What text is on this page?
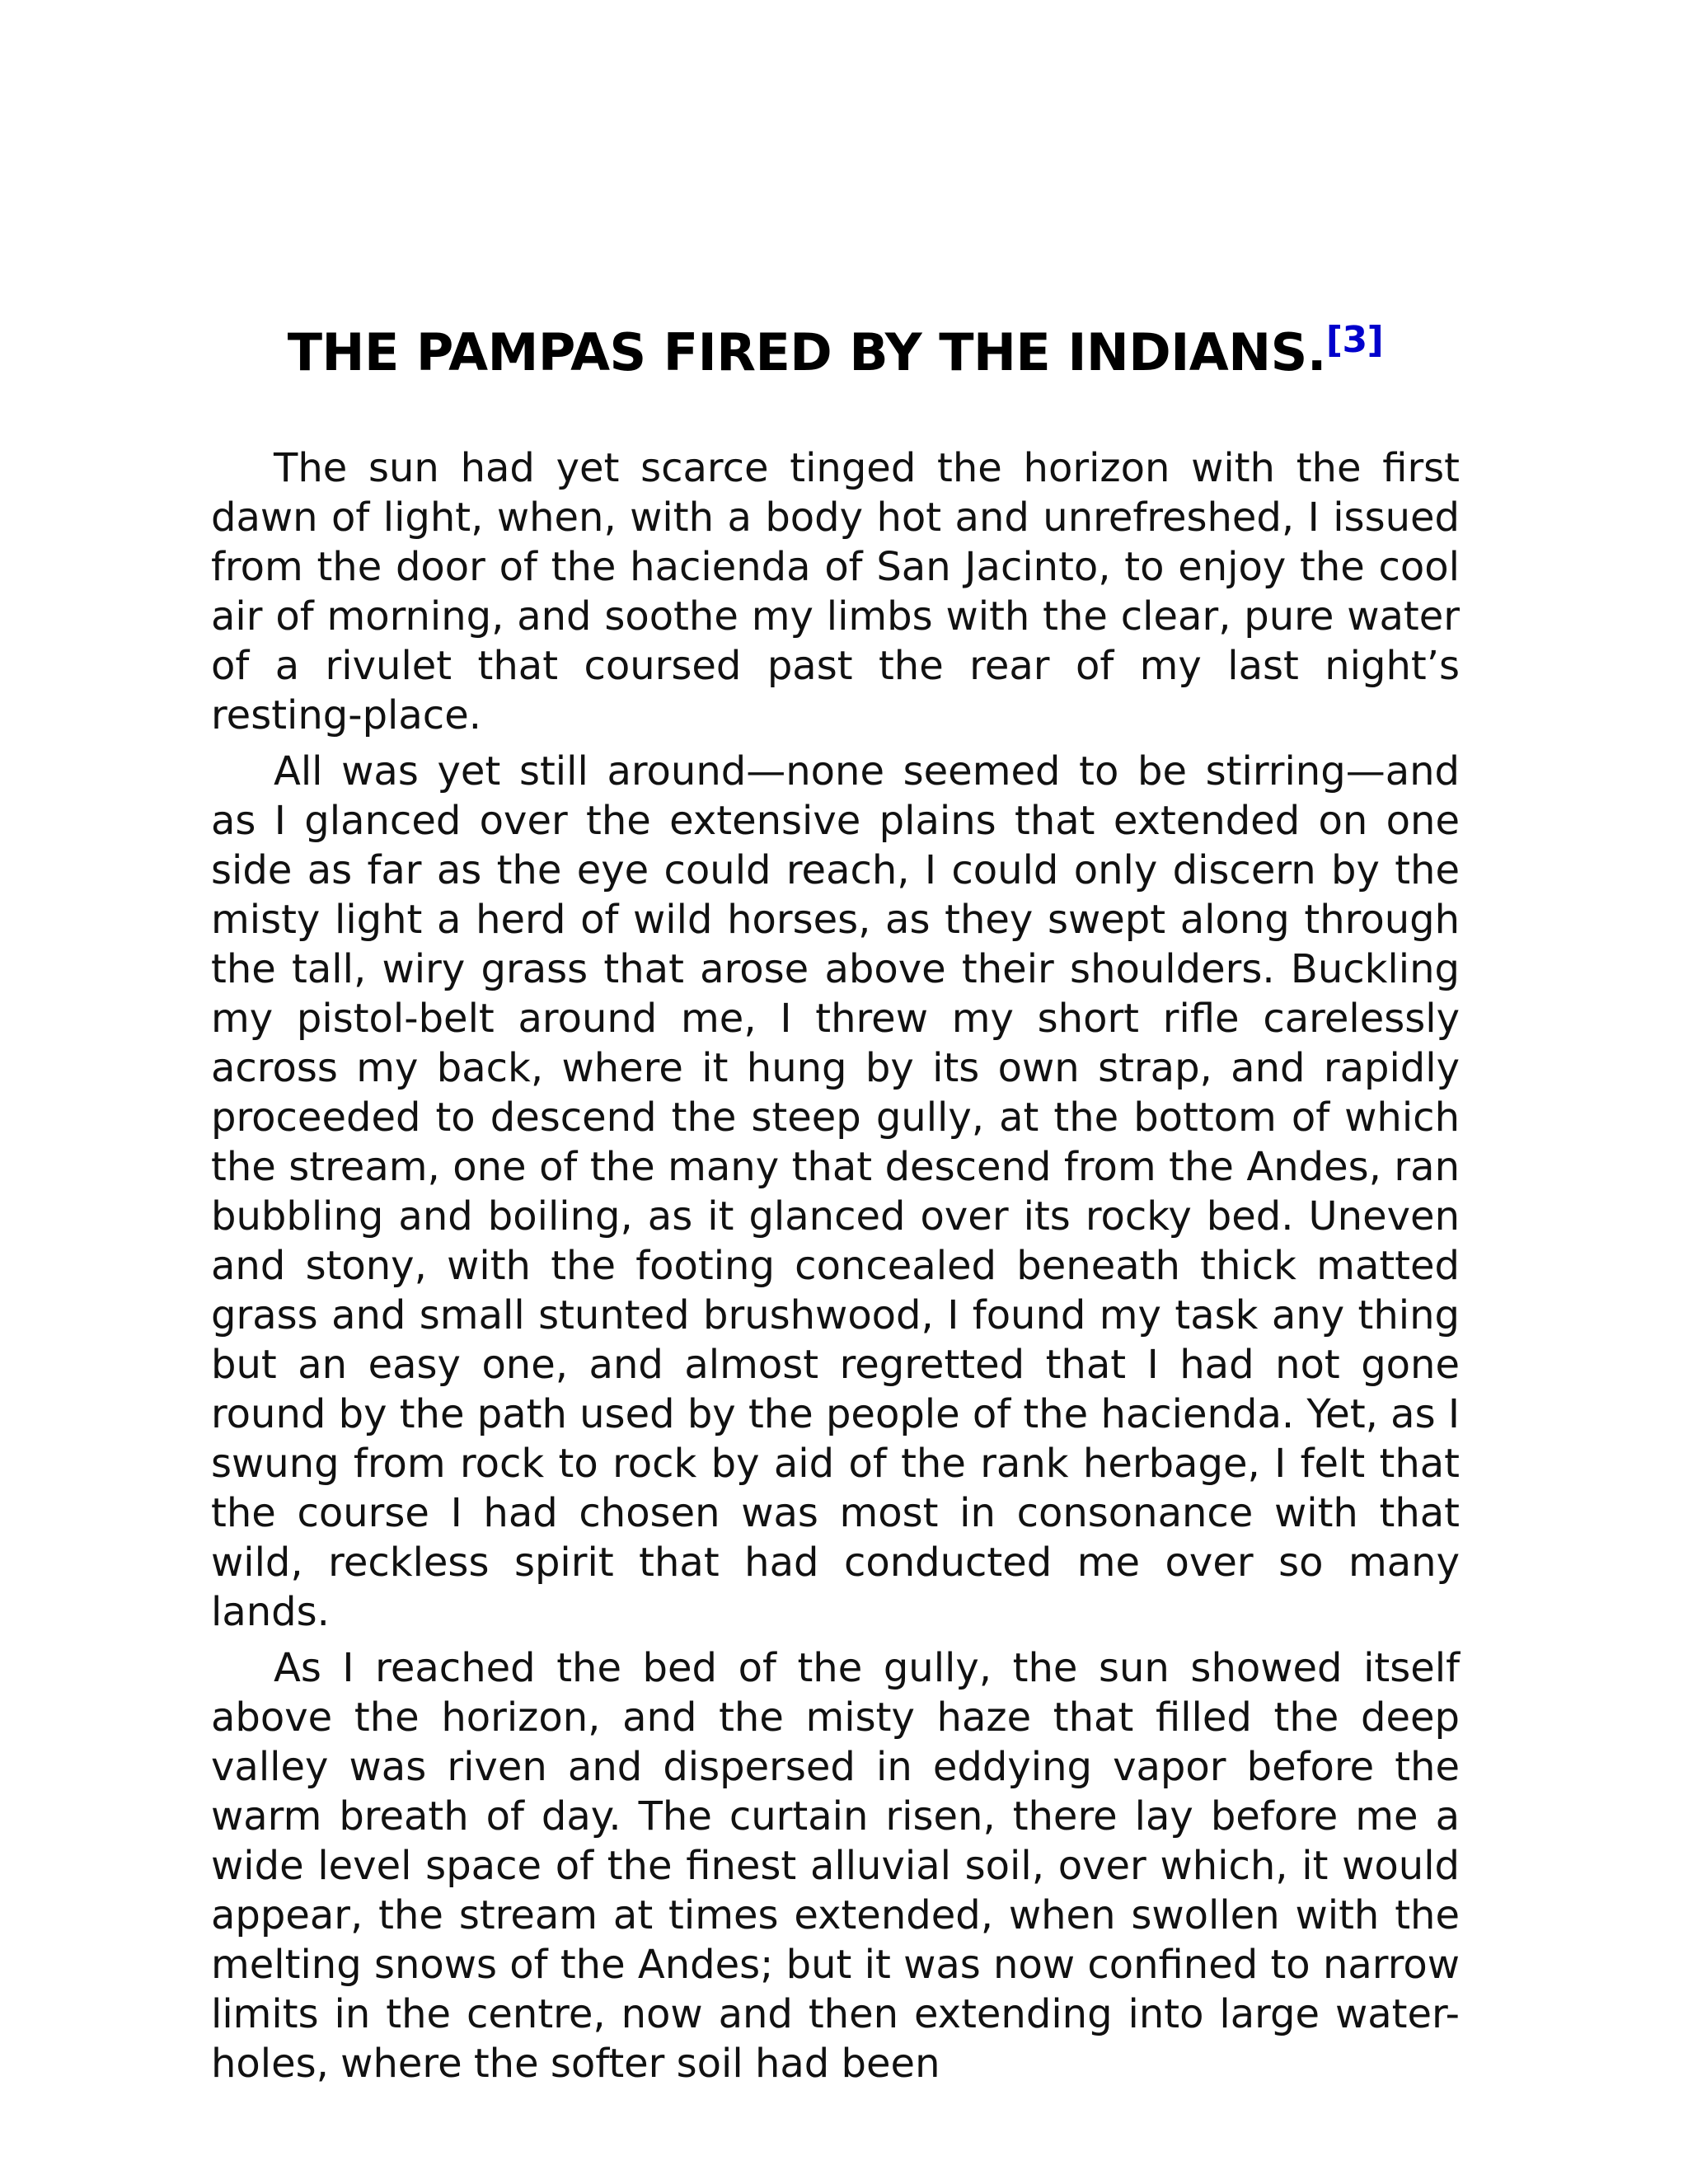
THE PAMPAS FIRED BY THE INDIANS.[3]

The sun had yet scarce tinged the horizon with the first dawn of light, when, with a body hot and unrefreshed, I issued from the door of the hacienda of San Jacinto, to enjoy the cool air of morning, and soothe my limbs with the clear, pure water of a rivulet that coursed past the rear of my last night’s resting-place.

All was yet still around—none seemed to be stirring—and as I glanced over the extensive plains that extended on one side as far as the eye could reach, I could only discern by the misty light a herd of wild horses, as they swept along through the tall, wiry grass that arose above their shoulders. Buckling my pistol-belt around me, I threw my short rifle carelessly across my back, where it hung by its own strap, and rapidly proceeded to descend the steep gully, at the bottom of which the stream, one of the many that descend from the Andes, ran bubbling and boiling, as it glanced over its rocky bed. Uneven and stony, with the footing concealed beneath thick matted grass and small stunted brushwood, I found my task any thing but an easy one, and almost regretted that I had not gone round by the path used by the people of the hacienda. Yet, as I swung from rock to rock by aid of the rank herbage, I felt that the course I had chosen was most in consonance with that wild, reckless spirit that had conducted me over so many lands.

As I reached the bed of the gully, the sun showed itself above the horizon, and the misty haze that filled the deep valley was riven and dispersed in eddying vapor before the warm breath of day. The curtain risen, there lay before me a wide level space of the finest alluvial soil, over which, it would appear, the stream at times extended, when swollen with the melting snows of the Andes; but it was now confined to narrow limits in the centre, now and then extending into large water-holes, where the softer soil had been
